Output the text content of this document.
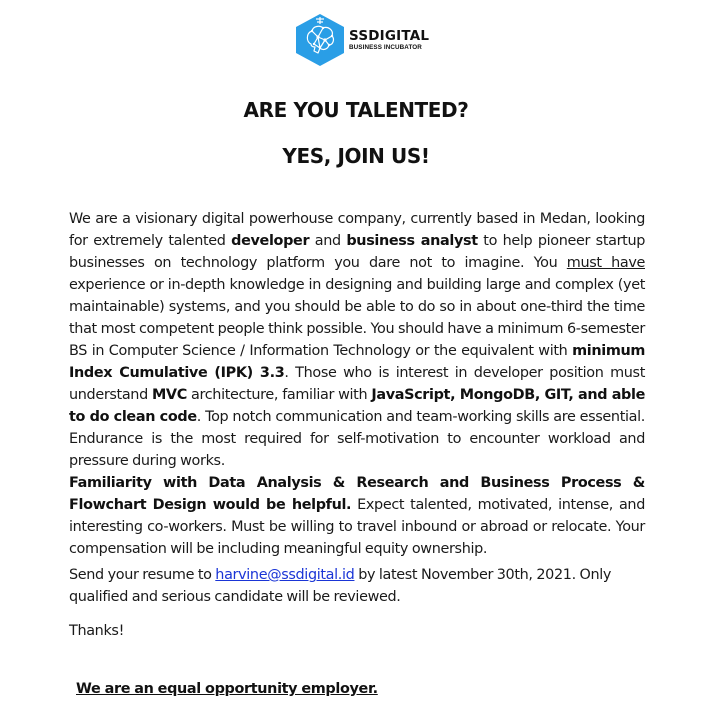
SSDIGITAL
BUSINESS INCUBATOR
ARE YOU TALENTED?
YES, JOIN US!

We are a visionary digital powerhouse company, currently based in Medan, looking for extremely talented developer and business analyst to help pioneer startup businesses on technology platform you dare not to imagine. You must have experience or in-depth knowledge in designing and building large and complex (yet maintainable) systems, and you should be able to do so in about one-third the time that most competent people think possible. You should have a minimum 6-semester BS in Computer Science / Information Technology or the equivalent with minimum Index Cumulative (IPK) 3.3. Those who is interest in developer position must understand MVC architecture, familiar with JavaScript, MongoDB, GIT, and able to do clean code. Top notch communication and team-working skills are essential. Endurance is the most required for self-motivation to encounter workload and pressure during works.
Familiarity with Data Analysis & Research and Business Process & Flowchart Design would be helpful. Expect talented, motivated, intense, and interesting co-workers. Must be willing to travel inbound or abroad or relocate. Your compensation will be including meaningful equity ownership.

Send your resume to harvine@ssdigital.id by latest November 30th, 2021. Only qualified and serious candidate will be reviewed.

Thanks!

We are an equal opportunity employer.
